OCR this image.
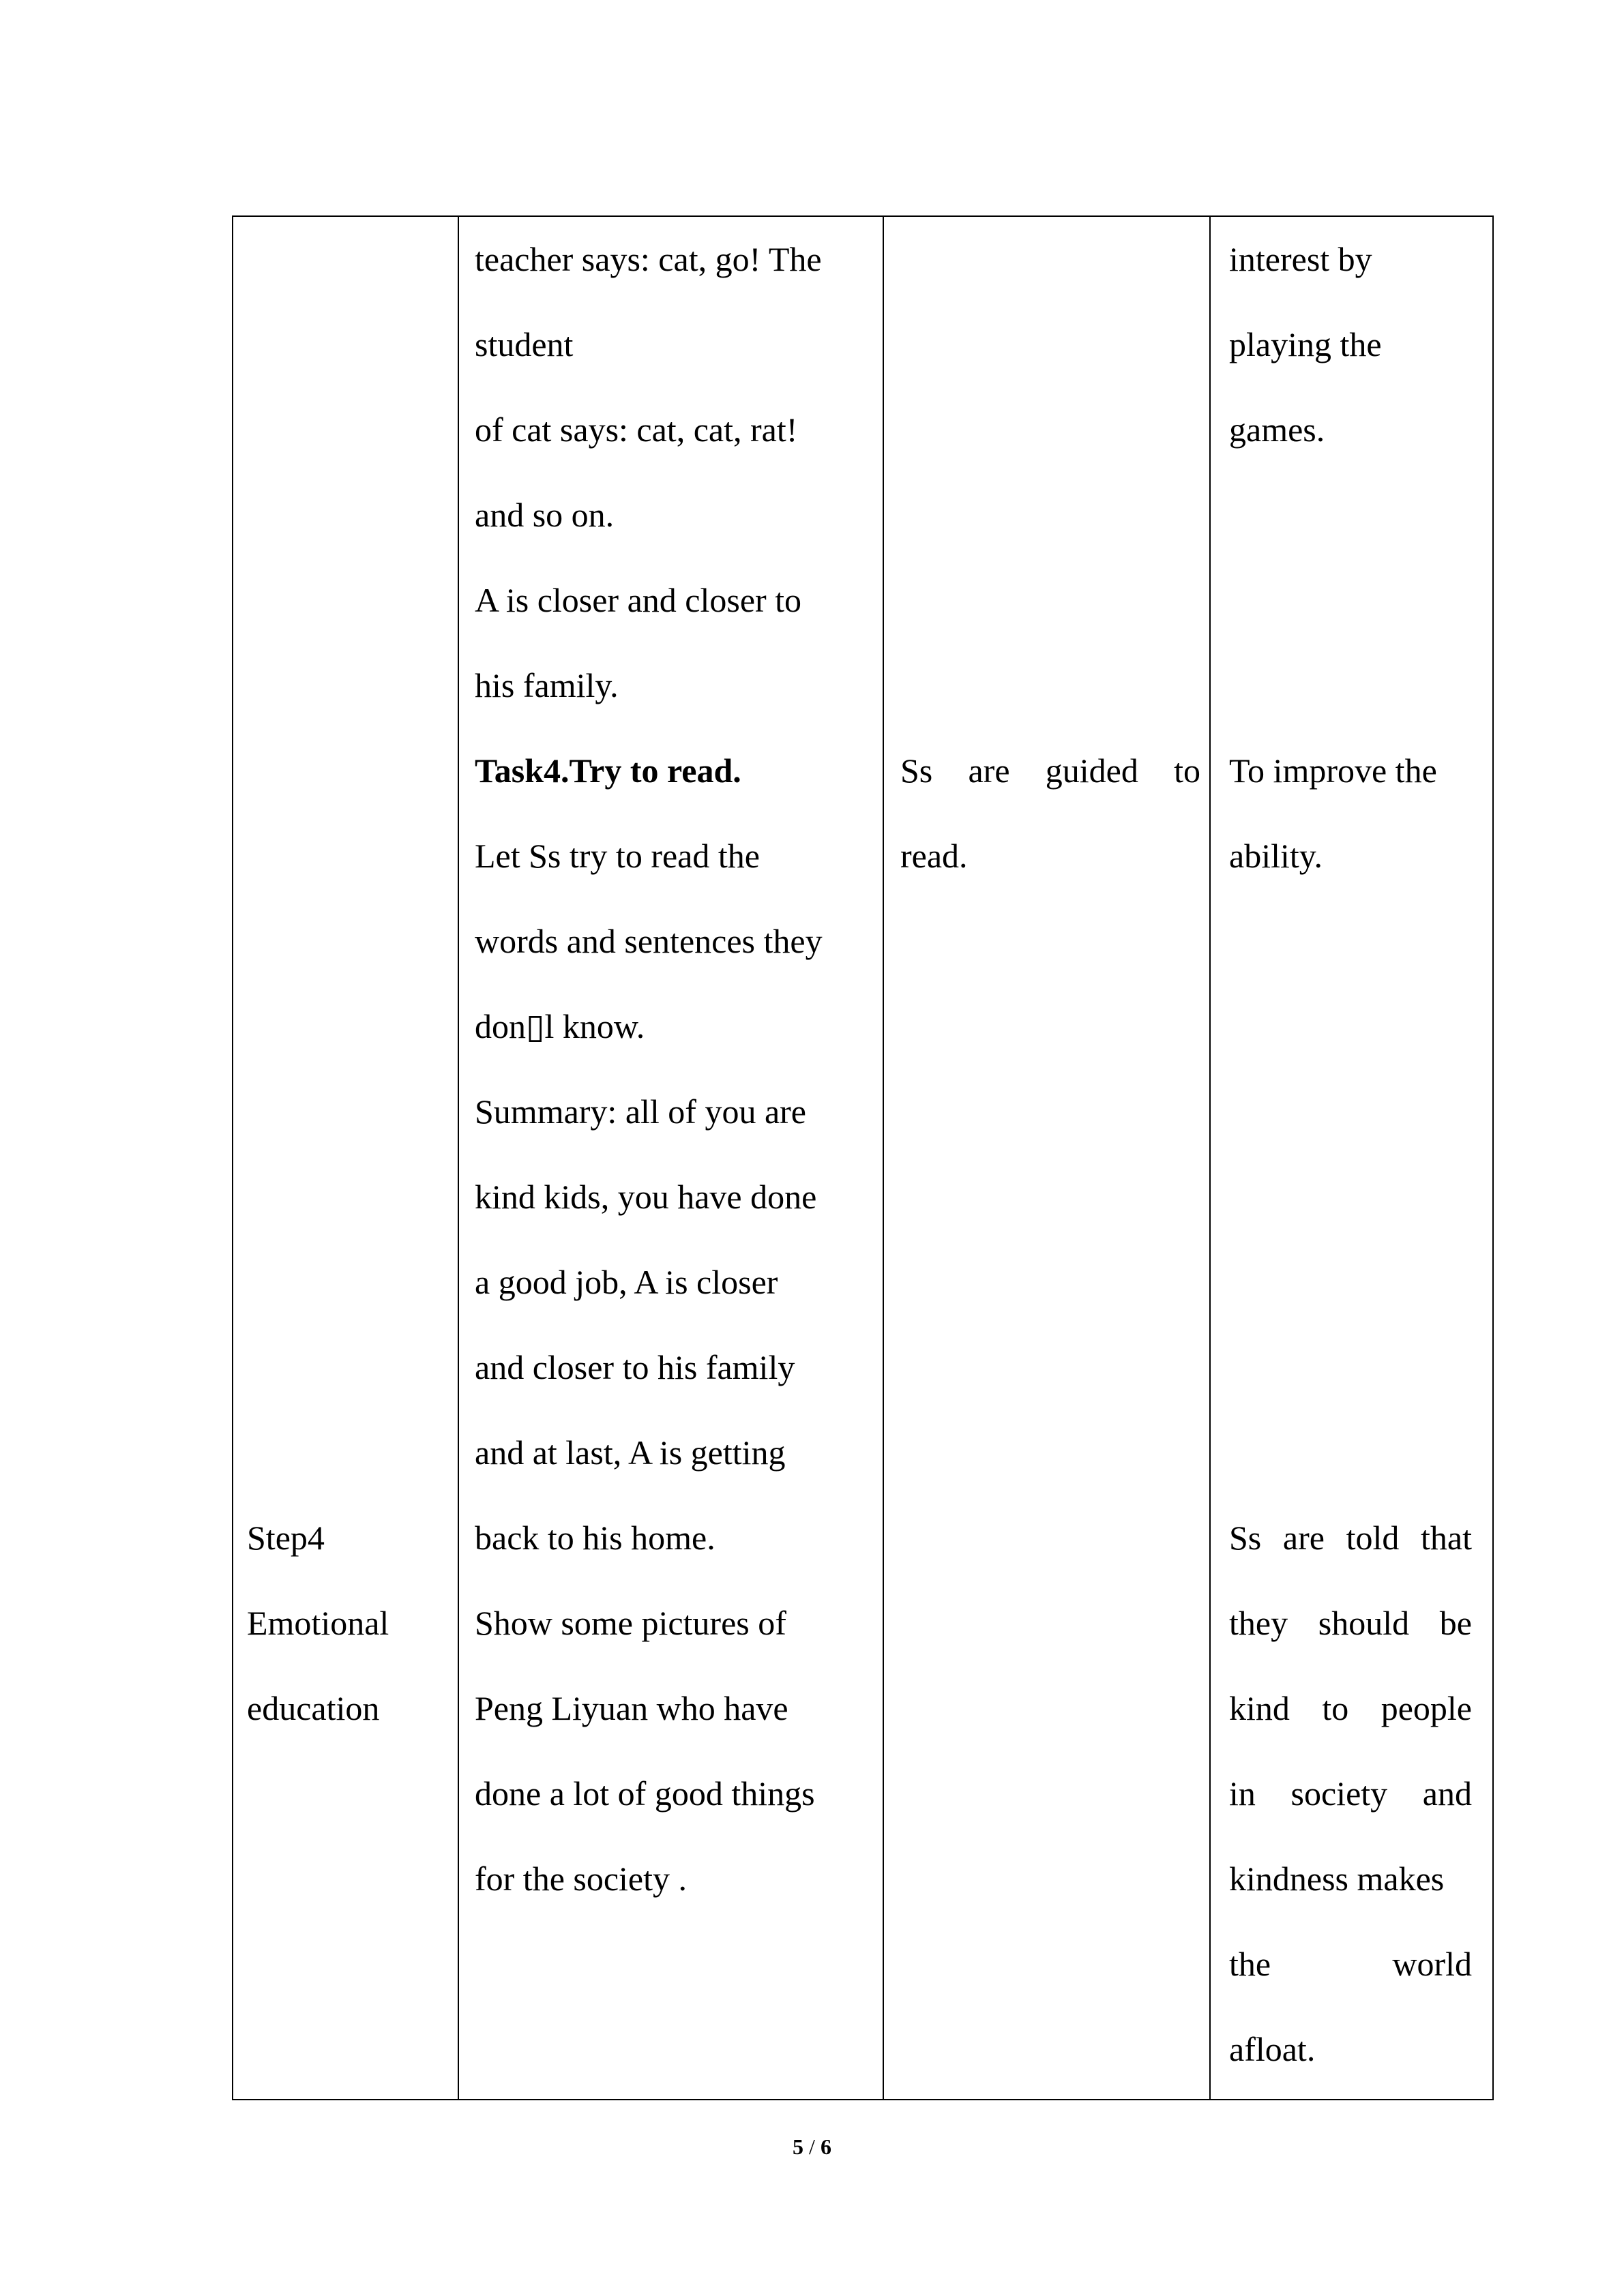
Step4
Emotional
education
teacher says: cat, go! The
student
of cat says: cat, cat, rat!
and so on.
A is closer and closer to
his family.
Task4.Try to read.
Let Ss try to read the
words and sentences they
don▯l know.
Summary: all of you are
kind kids, you have done
a good job, A is closer
and closer to his family
and at last, A is getting
back to his home.
Show some pictures of
Peng Liyuan who have
done a lot of good things
for the society .
Ss are guided to
read.
interest by
playing the
games.
To improve the
ability.
Ss are told that
they should be
kind to people
in society and
kindness makes
the	world
afloat.
5 / 6
